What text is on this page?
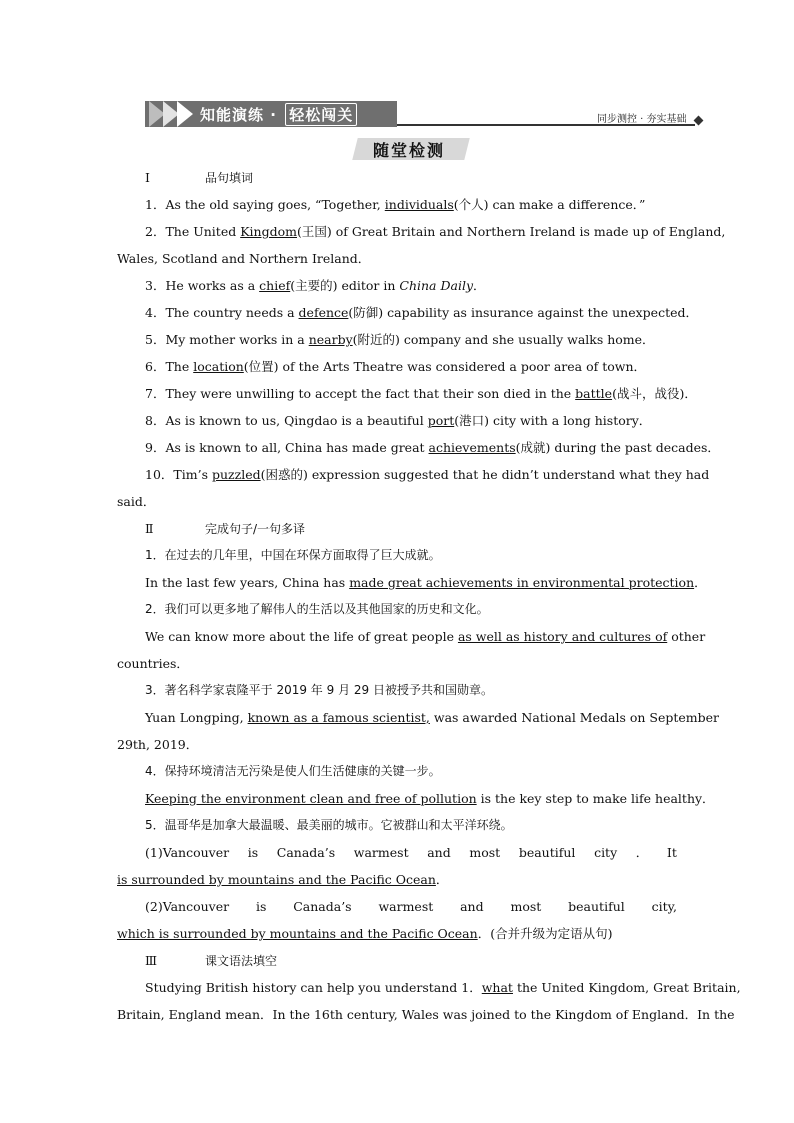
知能演练 · 轻松闯关	同步测控 · 夯实基础
随堂检测
Ⅰ	品句填词
1．As the old saying goes, “Together, individuals(个人) can make a difference．”
2．The United Kingdom(王国) of Great Britain and Northern Ireland is made up of England,
Wales, Scotland and Northern Ireland．
3．He works as a chief(主要的) editor in China Daily．
4．The country needs a defence(防御) capability as insurance against the unexpected．
5．My mother works in a nearby(附近的) company and she usually walks home．
6．The location(位置) of the Arts Theatre was considered a poor area of town．
7．They were unwilling to accept the fact that their son died in the battle(战斗，战役)．
8．As is known to us, Qingdao is a beautiful port(港口) city with a long history．
9．As is known to all, China has made great achievements(成就) during the past decades．
10．Tim’s puzzled(困惑的) expression suggested that he didn’t understand what they had
said．
Ⅱ	完成句子/一句多译
1．在过去的几年里，中国在环保方面取得了巨大成就。
In the last few years, China has made great achievements in environmental protection．
2．我们可以更多地了解伟人的生活以及其他国家的历史和文化。
We can know more about the life of great people as well as history and cultures of other
countries．
3．著名科学家袁隆平于 2019 年 9 月 29 日被授予共和国勋章。
Yuan Longping, known as a famous scientist, was awarded National Medals on September
29th, 2019．
4．保持环境清洁无污染是使人们生活健康的关键一步。
Keeping the environment clean and free of pollution is the key step to make life healthy．
5．温哥华是加拿大最温暖、最美丽的城市。它被群山和太平洋环绕。
(1)Vancouver is Canada’s warmest and most beautiful city ． It
is surrounded by mountains and the Pacific Ocean．
(2)Vancouver is Canada’s warmest and most beautiful city,
which is surrounded by mountains and the Pacific Ocean．(合并升级为定语从句)
Ⅲ	课文语法填空
Studying British history can help you understand 1．what the United Kingdom, Great Britain,
Britain, England mean．In the 16th century, Wales was joined to the Kingdom of England．In the
